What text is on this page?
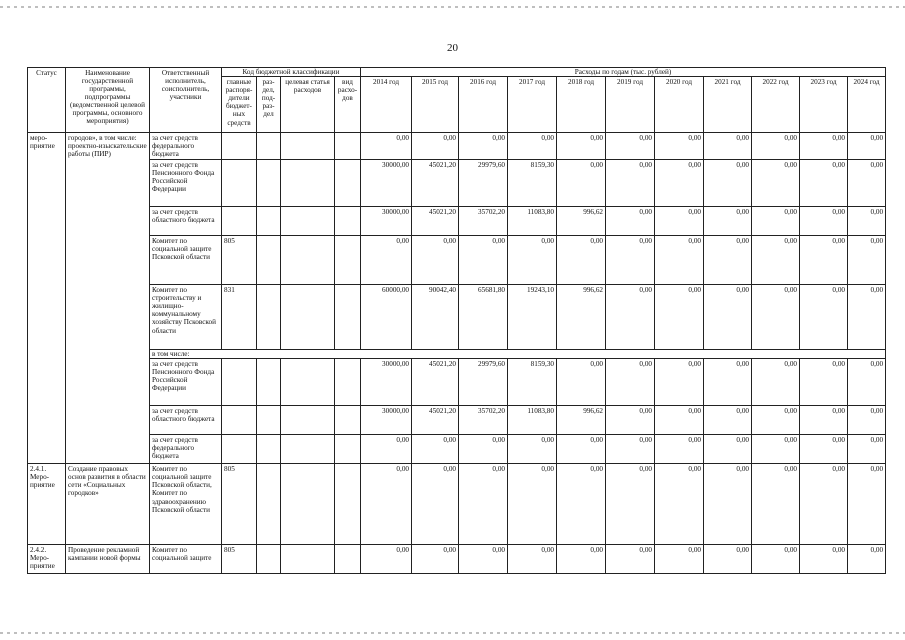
20
Статус	Наименование государственной программы, подпрограммы (ведомственной целевой программы, основного мероприятия)	Ответственный исполнитель, соисполнитель, участники	Код бюджетной классификации				Расходы по годам (тыс. рублей)										
			главные распоря-дители бюджет-ных средств	раз-дел, под-раз-дел	целевая статья расходов	вид расхо-дов	2014 год	2015 год	2016 год	2017 год	2018 год	2019 год	2020 год	2021 год	2022 год	2023 год	2024 год
меро-приятие	городов», в том числе: проектно-изыскательские работы (ПИР)	за счет средств федерального бюджета					0,00	0,00	0,00	0,00	0,00	0,00	0,00	0,00	0,00	0,00	0,00
		за счет средств Пенсионного Фонда Российской Федерации					30000,00	45021,20	29979,60	8159,30	0,00	0,00	0,00	0,00	0,00	0,00	0,00
		за счет средств областного бюджета					30000,00	45021,20	35702,20	11083,80	996,62	0,00	0,00	0,00	0,00	0,00	0,00
		Комитет по социальной защите Псковской области	805				0,00	0,00	0,00	0,00	0,00	0,00	0,00	0,00	0,00	0,00	0,00
		Комитет по строительству и жилищно-коммунальному хозяйству Псковской области	831				60000,00	90042,40	65681,80	19243,10	996,62	0,00	0,00	0,00	0,00	0,00	0,00
		в том числе:															
		за счет средств Пенсионного Фонда Российской Федерации					30000,00	45021,20	29979,60	8159,30	0,00	0,00	0,00	0,00	0,00	0,00	0,00
		за счет средств областного бюджета					30000,00	45021,20	35702,20	11083,80	996,62	0,00	0,00	0,00	0,00	0,00	0,00
		за счет средств федерального бюджета					0,00	0,00	0,00	0,00	0,00	0,00	0,00	0,00	0,00	0,00	0,00
2.4.1. Меро-приятие	Создание правовых основ развития в области сети «Социальных городков»	Комитет по социальной защите Псковской области, Комитет по здравоохранению Псковской области	805				0,00	0,00	0,00	0,00	0,00	0,00	0,00	0,00	0,00	0,00	0,00
2.4.2. Меро-приятие	Проведение рекламной кампании новой формы	Комитет по социальной защите	805				0,00	0,00	0,00	0,00	0,00	0,00	0,00	0,00	0,00	0,00	0,00
